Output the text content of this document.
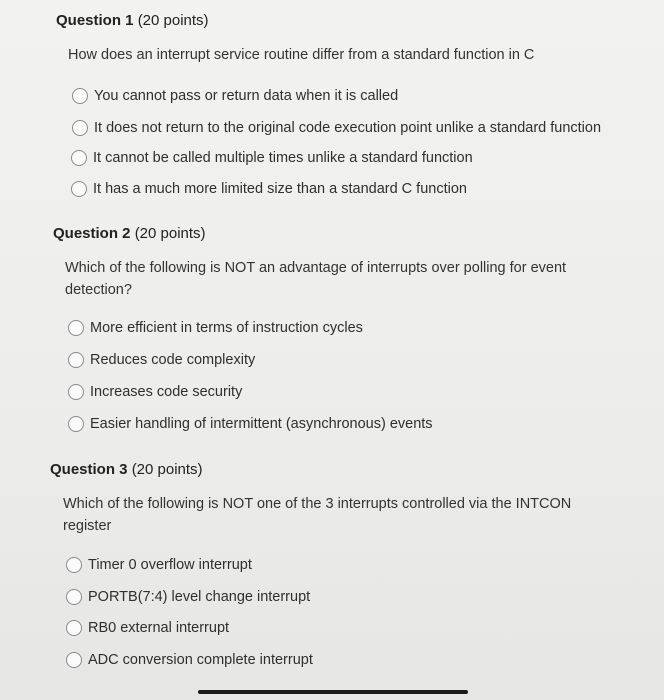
Question 1 (20 points)
How does an interrupt service routine differ from a standard function in C
You cannot pass or return data when it is called
It does not return to the original code execution point unlike a standard function
It cannot be called multiple times unlike a standard function
It has a much more limited size than a standard C function
Question 2 (20 points)
Which of the following is NOT an advantage of interrupts over polling for event detection?
More efficient in terms of instruction cycles
Reduces code complexity
Increases code security
Easier handling of intermittent (asynchronous) events
Question 3 (20 points)
Which of the following is NOT one of the 3 interrupts controlled via the INTCON register
Timer 0 overflow interrupt
PORTB(7:4) level change interrupt
RB0 external interrupt
ADC conversion complete interrupt
